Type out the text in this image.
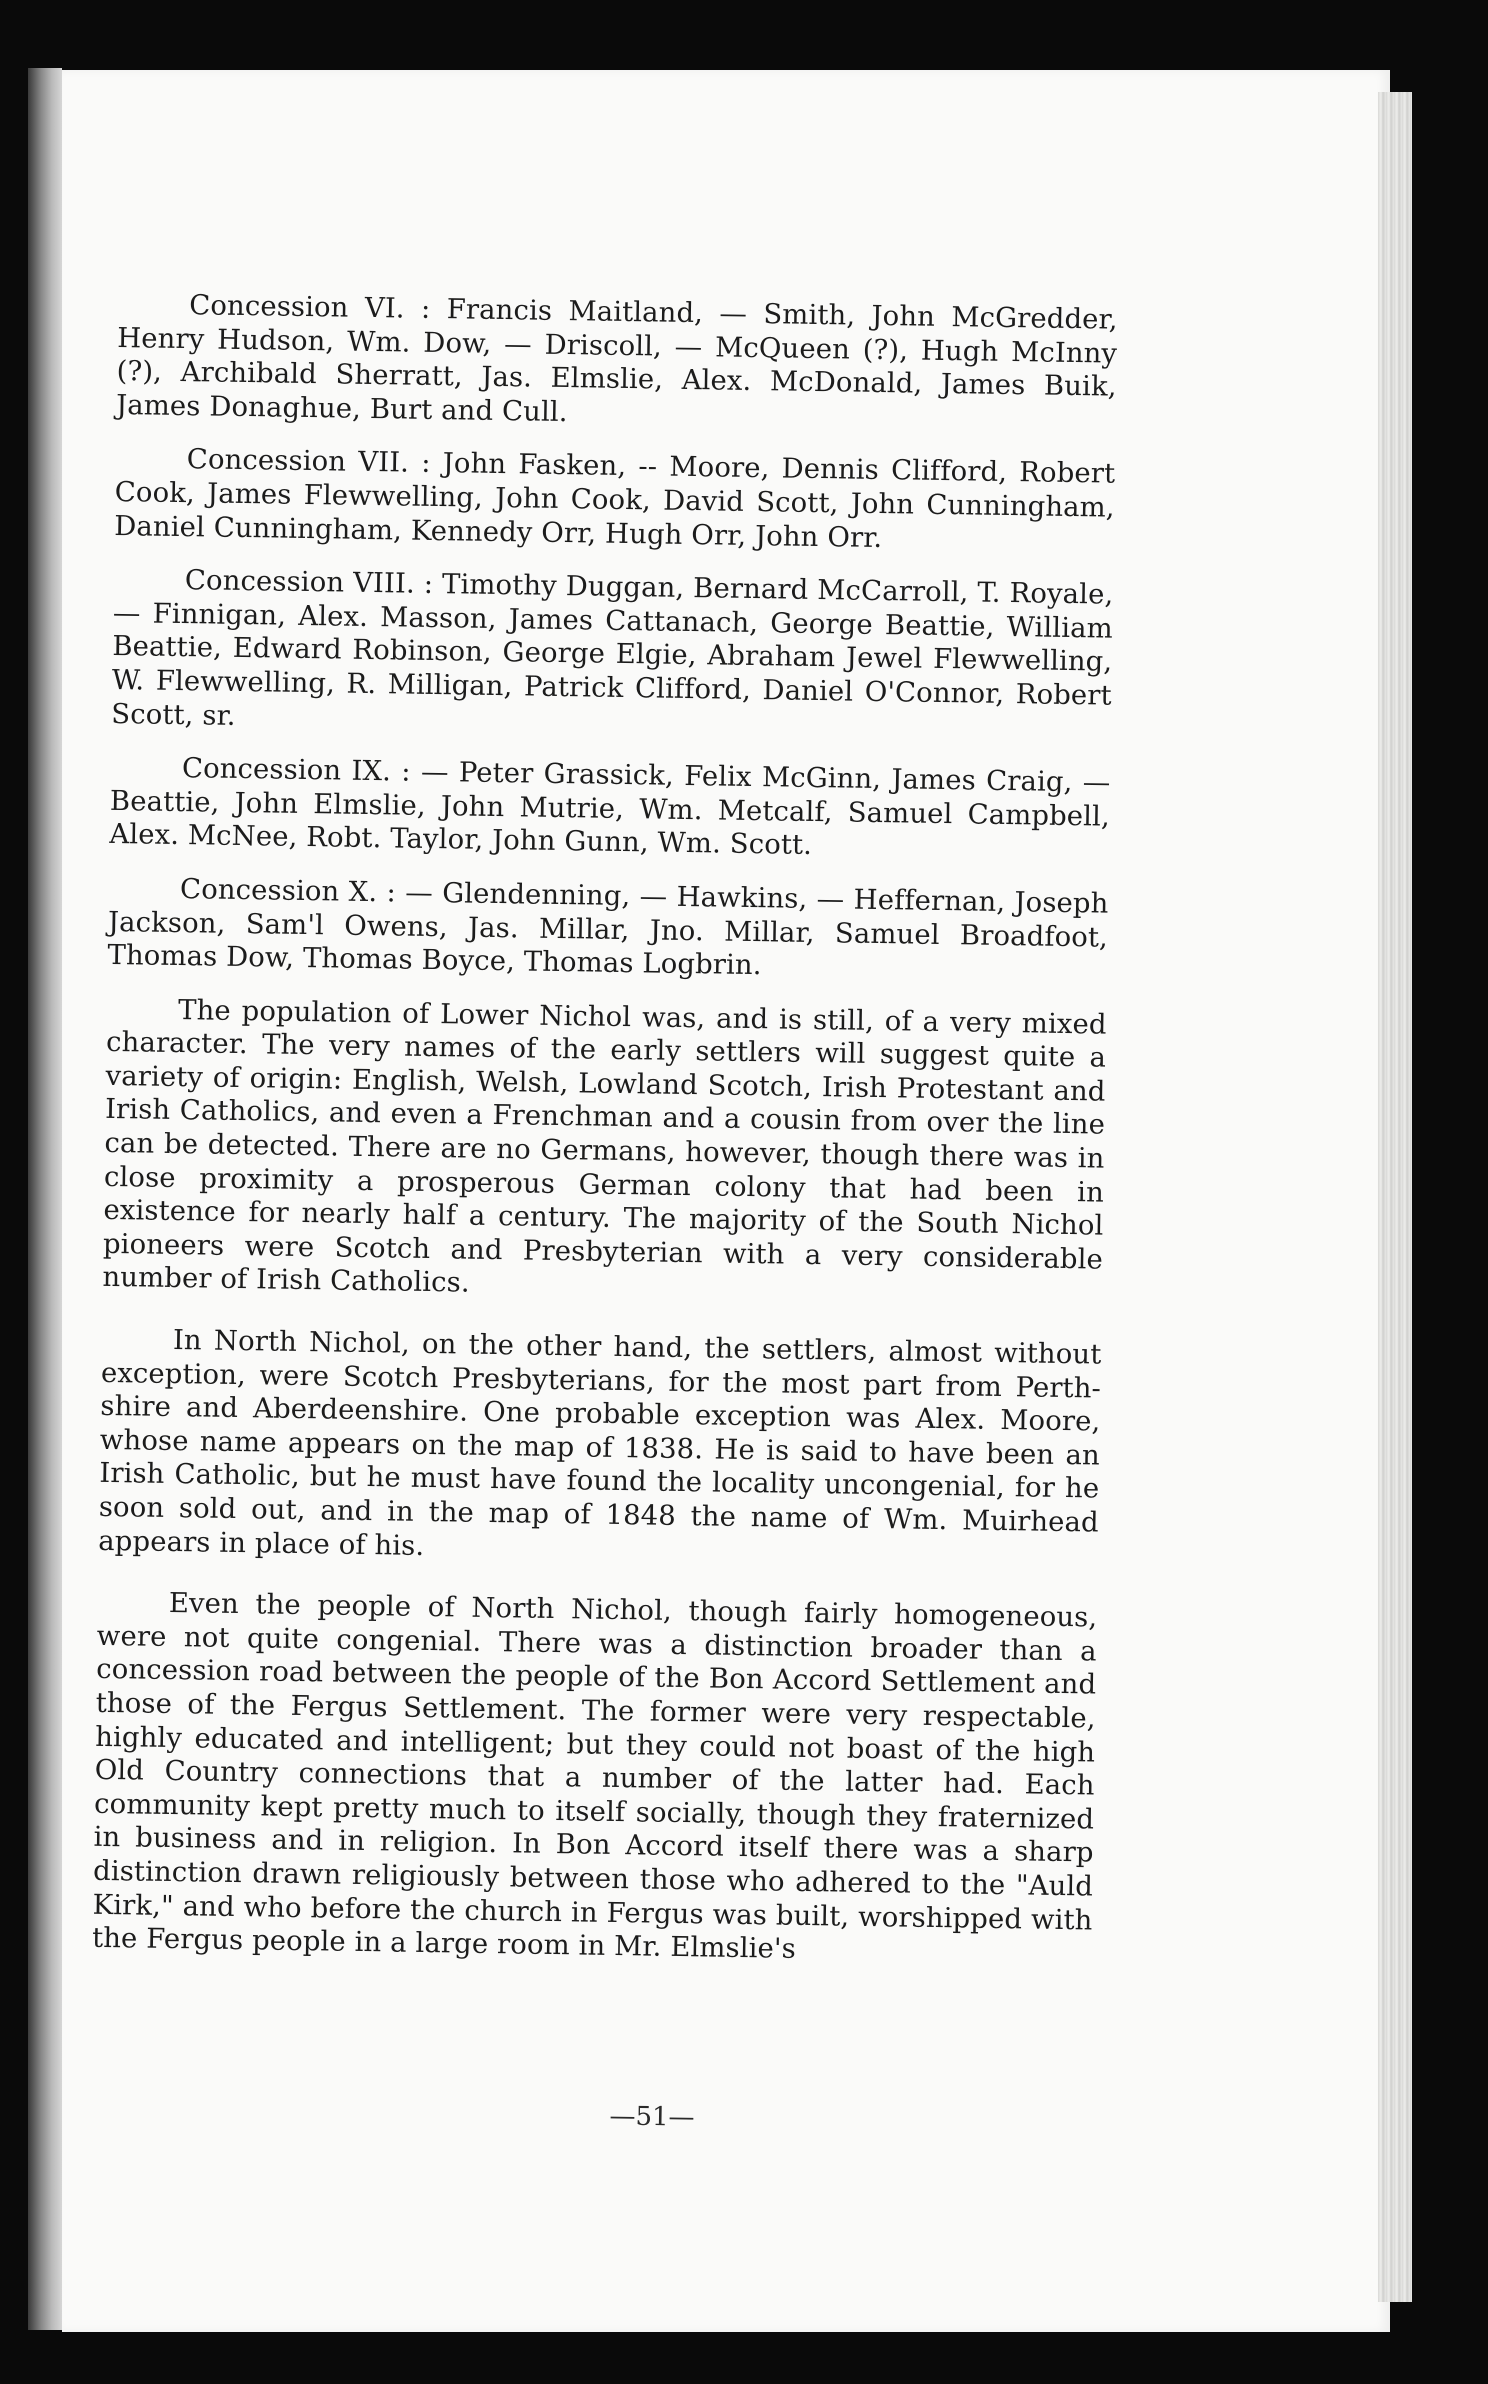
Concession VI. : Francis Maitland, — Smith, John McGredder, Henry Hudson, Wm. Dow, — Driscoll, — McQueen (?), Hugh McInny (?), Archibald Sherratt, Jas. Elmslie, Alex. McDonald, James Buik, James Donaghue, Burt and Cull.

Concession VII. : John Fasken, -- Moore, Dennis Clifford, Robert Cook, James Flewwelling, John Cook, David Scott, John Cunningham, Daniel Cunningham, Kennedy Orr, Hugh Orr, John Orr.

Concession VIII. : Timothy Duggan, Bernard McCarroll, T. Royale, — Finnigan, Alex. Masson, James Cattanach, George Beattie, William Beattie, Edward Robinson, George Elgie, Abraham Jewel Flewwelling, W. Flewwelling, R. Milligan, Patrick Clifford, Daniel O'Connor, Robert Scott, sr.

Concession IX. : — Peter Grassick, Felix McGinn, James Craig, — Beattie, John Elmslie, John Mutrie, Wm. Metcalf, Samuel Campbell, Alex. McNee, Robt. Taylor, John Gunn, Wm. Scott.

Concession X. : — Glendenning, — Hawkins, — Heffernan, Joseph Jackson, Sam'l Owens, Jas. Millar, Jno. Millar, Samuel Broadfoot, Thomas Dow, Thomas Boyce, Thomas Logbrin.

The population of Lower Nichol was, and is still, of a very mixed character. The very names of the early settlers will suggest quite a variety of origin: English, Welsh, Lowland Scotch, Irish Protestant and Irish Catholics, and even a Frenchman and a cousin from over the line can be detected. There are no Germans, however, though there was in close proximity a prosperous German colony that had been in existence for nearly half a century. The majority of the South Nichol pioneers were Scotch and Presbyterian with a very considerable number of Irish Catholics.

In North Nichol, on the other hand, the settlers, almost without exception, were Scotch Presbyterians, for the most part from Perthshire and Aberdeenshire. One probable exception was Alex. Moore, whose name appears on the map of 1838. He is said to have been an Irish Catholic, but he must have found the locality uncongenial, for he soon sold out, and in the map of 1848 the name of Wm. Muirhead appears in place of his.

Even the people of North Nichol, though fairly homogeneous, were not quite congenial. There was a distinction broader than a concession road between the people of the Bon Accord Settlement and those of the Fergus Settlement. The former were very respectable, highly educated and intelligent; but they could not boast of the high Old Country connections that a number of the latter had. Each community kept pretty much to itself socially, though they fraternized in business and in religion. In Bon Accord itself there was a sharp distinction drawn religiously between those who adhered to the "Auld Kirk," and who before the church in Fergus was built, worshipped with the Fergus people in a large room in Mr. Elmslie's

—51—
